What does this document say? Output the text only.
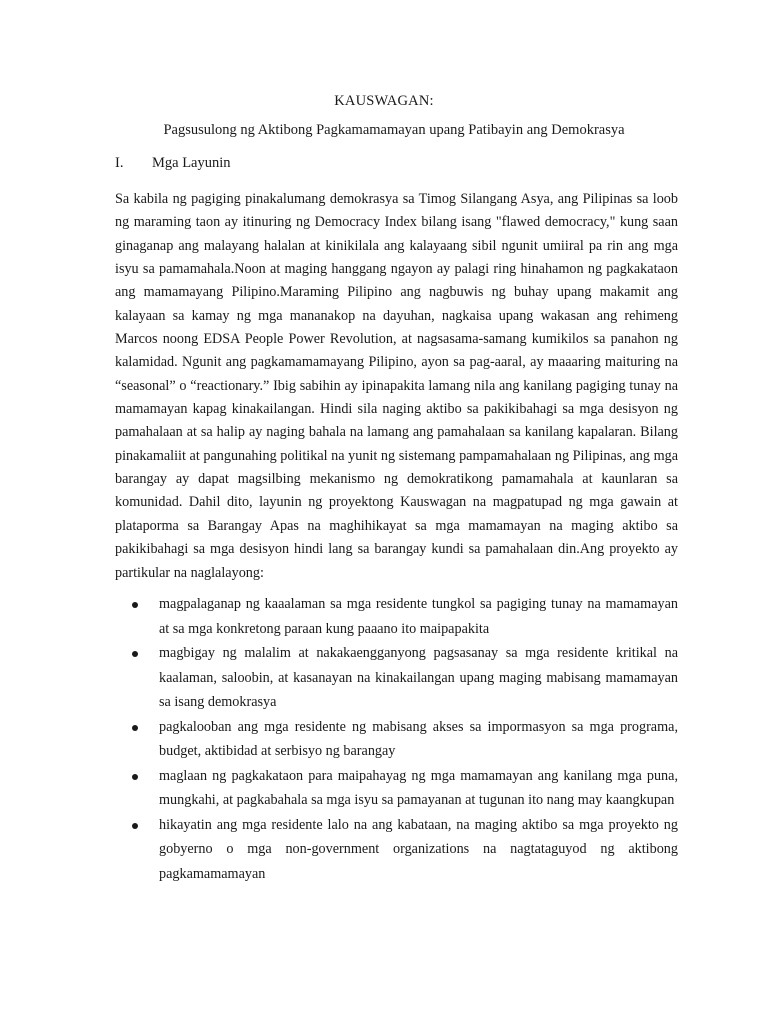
KAUSWAGAN:
Pagsusulong ng Aktibong Pagkamamamayan upang Patibayin ang Demokrasya
I. Mga Layunin

Sa kabila ng pagiging pinakalumang demokrasya sa Timog Silangang Asya, ang Pilipinas sa loob ng maraming taon ay itinuring ng Democracy Index bilang isang "flawed democracy," kung saan ginaganap ang malayang halalan at kinikilala ang kalayaang sibil ngunit umiiral pa rin ang mga isyu sa pamamahala.Noon at maging hanggang ngayon ay palagi ring hinahamon ng pagkakataon ang mamamayang Pilipino.Maraming Pilipino ang nagbuwis ng buhay upang makamit ang kalayaan sa kamay ng mga mananakop na dayuhan, nagkaisa upang wakasan ang rehimeng Marcos noong EDSA People Power Revolution, at nagsasama-samang kumikilos sa panahon ng kalamidad. Ngunit ang pagkamamamayang Pilipino, ayon sa pag-aaral, ay maaaring maituring na “seasonal” o “reactionary.” Ibig sabihin ay ipinapakita lamang nila ang kanilang pagiging tunay na mamamayan kapag kinakailangan. Hindi sila naging aktibo sa pakikibahagi sa mga desisyon ng pamahalaan at sa halip ay naging bahala na lamang ang pamahalaan sa kanilang kapalaran. Bilang pinakamaliit at pangunahing politikal na yunit ng sistemang pampamahalaan ng Pilipinas, ang mga barangay ay dapat magsilbing mekanismo ng demokratikong pamamahala at kaunlaran sa komunidad. Dahil dito, layunin ng proyektong Kauswagan na magpatupad ng mga gawain at plataporma sa Barangay Apas na maghihikayat sa mga mamamayan na maging aktibo sa pakikibahagi sa mga desisyon hindi lang sa barangay kundi sa pamahalaan din.Ang proyekto ay partikular na naglalayong:

magpalaganap ng kaaalaman sa mga residente tungkol sa pagiging tunay na mamamayan at sa mga konkretong paraan kung paaano ito maipapakita
magbigay ng malalim at nakakaengganyong pagsasanay sa mga residente kritikal na kaalaman, saloobin, at kasanayan na kinakailangan upang maging mabisang mamamayan sa isang demokrasya
pagkalooban ang mga residente ng mabisang akses sa impormasyon sa mga programa, budget, aktibidad at serbisyo ng barangay
maglaan ng pagkakataon para maipahayag ng mga mamamayan ang kanilang mga puna, mungkahi, at pagkabahala sa mga isyu sa pamayanan at tugunan ito nang may kaangkupan
hikayatin ang mga residente lalo na ang kabataan, na maging aktibo sa mga proyekto ng gobyerno o mga non-government organizations na nagtataguyod ng aktibong pagkamamamayan
